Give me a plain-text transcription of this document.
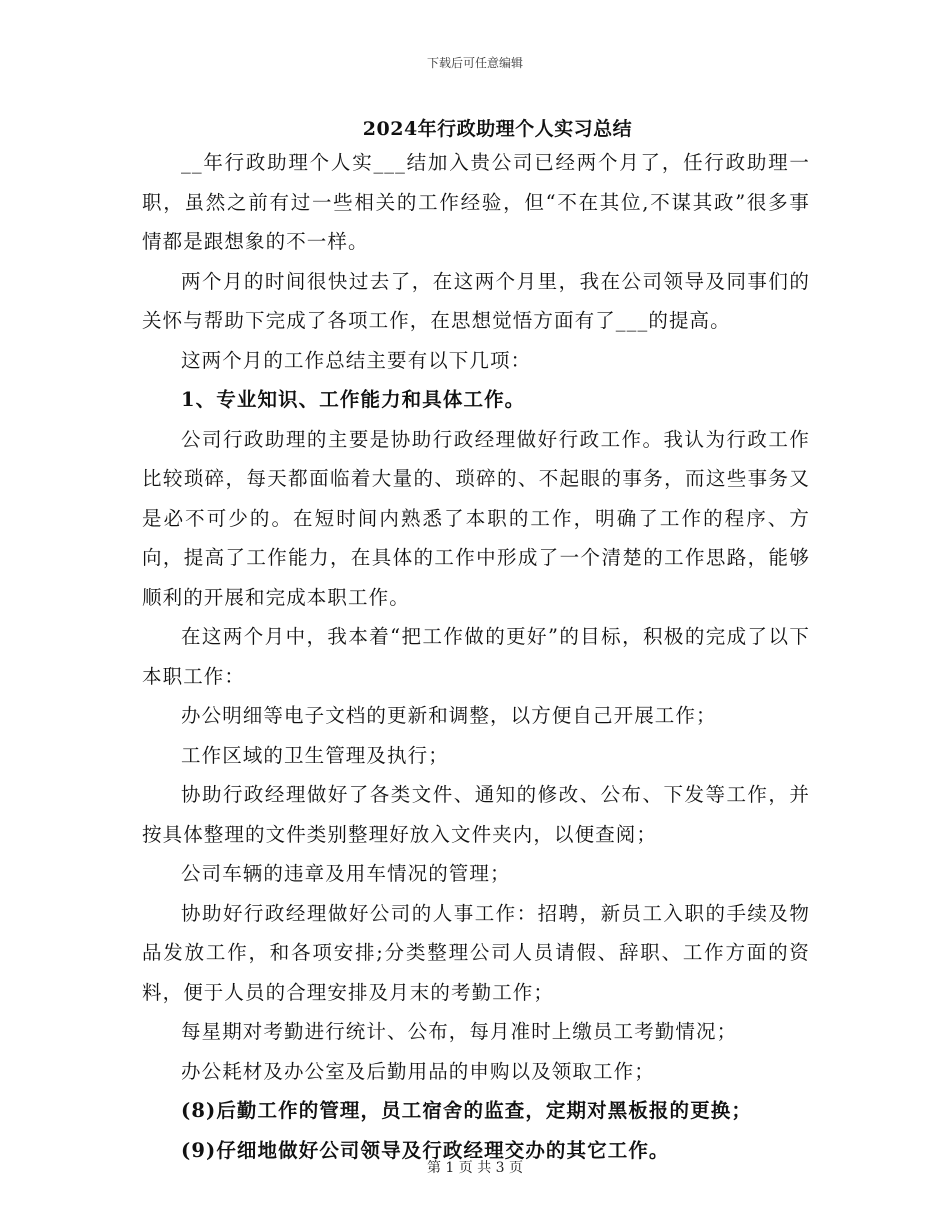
下载后可任意编辑
2024年行政助理个人实习总结

__年行政助理个人实___结加入贵公司已经两个月了，任行政助理一职，虽然之前有过一些相关的工作经验，但“不在其位,不谋其政”很多事情都是跟想象的不一样。

两个月的时间很快过去了，在这两个月里，我在公司领导及同事们的关怀与帮助下完成了各项工作，在思想觉悟方面有了___的提高。

这两个月的工作总结主要有以下几项：

1、专业知识、工作能力和具体工作。

公司行政助理的主要是协助行政经理做好行政工作。我认为行政工作比较琐碎，每天都面临着大量的、琐碎的、不起眼的事务，而这些事务又是必不可少的。在短时间内熟悉了本职的工作，明确了工作的程序、方向，提高了工作能力，在具体的工作中形成了一个清楚的工作思路，能够顺利的开展和完成本职工作。

在这两个月中，我本着“把工作做的更好”的目标，积极的完成了以下本职工作：

办公明细等电子文档的更新和调整，以方便自己开展工作；

工作区域的卫生管理及执行；

协助行政经理做好了各类文件、通知的修改、公布、下发等工作，并按具体整理的文件类别整理好放入文件夹内，以便查阅；

公司车辆的违章及用车情况的管理；

协助好行政经理做好公司的人事工作：招聘，新员工入职的手续及物品发放工作，和各项安排;分类整理公司人员请假、辞职、工作方面的资料，便于人员的合理安排及月末的考勤工作；

每星期对考勤进行统计、公布，每月准时上缴员工考勤情况；

办公耗材及办公室及后勤用品的申购以及领取工作；

(8)后勤工作的管理，员工宿舍的监查，定期对黑板报的更换；

(9)仔细地做好公司领导及行政经理交办的其它工作。

第 1 页 共 3 页
